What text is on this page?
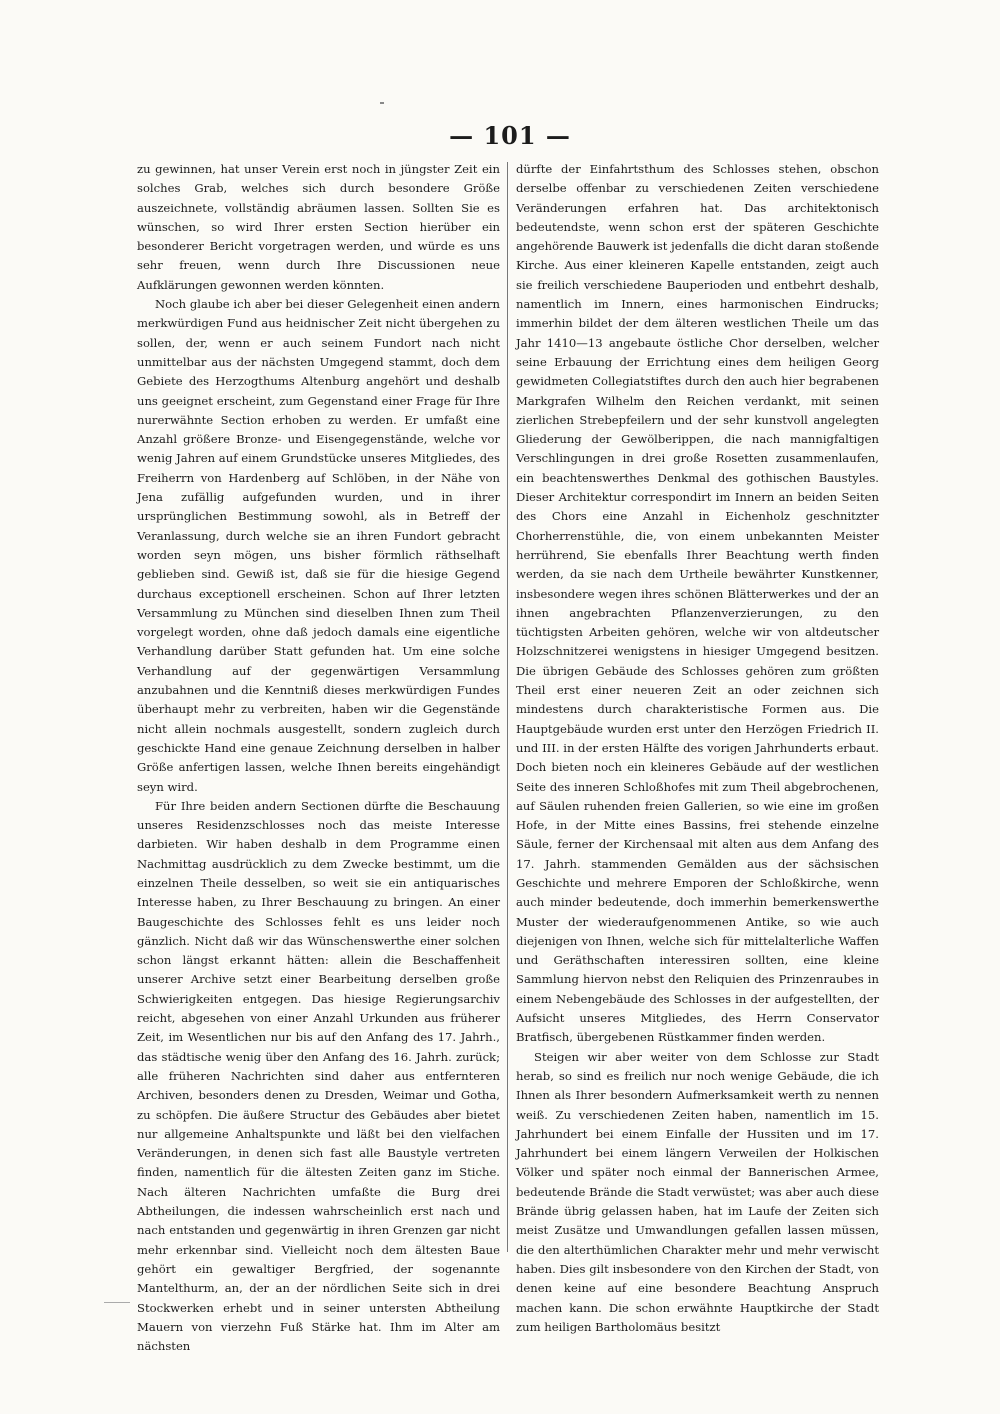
— 101 —

zu gewinnen, hat unser Verein erst noch in jüngster Zeit ein solches Grab, welches sich durch besondere Größe auszeichnete, vollständig abräumen lassen. Sollten Sie es wünschen, so wird Ihrer ersten Section hierüber ein besonderer Bericht vorgetragen werden, und würde es uns sehr freuen, wenn durch Ihre Discussionen neue Aufklärungen gewonnen werden könnten.

Noch glaube ich aber bei dieser Gelegenheit einen andern merkwürdigen Fund aus heidnischer Zeit nicht übergehen zu sollen, der, wenn er auch seinem Fundort nach nicht unmittelbar aus der nächsten Umgegend stammt, doch dem Gebiete des Herzogthums Altenburg angehört und deshalb uns geeignet erscheint, zum Gegenstand einer Frage für Ihre nurerwähnte Section erhoben zu werden. Er umfaßt eine Anzahl größere Bronze- und Eisengegenstände, welche vor wenig Jahren auf einem Grundstücke unseres Mitgliedes, des Freiherrn von Hardenberg auf Schlöben, in der Nähe von Jena zufällig aufgefunden wurden, und in ihrer ursprünglichen Bestimmung sowohl, als in Betreff der Veranlassung, durch welche sie an ihren Fundort gebracht worden seyn mögen, uns bisher förmlich räthselhaft geblieben sind. Gewiß ist, daß sie für die hiesige Gegend durchaus exceptionell erscheinen. Schon auf Ihrer letzten Versammlung zu München sind dieselben Ihnen zum Theil vorgelegt worden, ohne daß jedoch damals eine eigentliche Verhandlung darüber Statt gefunden hat. Um eine solche Verhandlung auf der gegenwärtigen Versammlung anzubahnen und die Kenntniß dieses merkwürdigen Fundes überhaupt mehr zu verbreiten, haben wir die Gegenstände nicht allein nochmals ausgestellt, sondern zugleich durch geschickte Hand eine genaue Zeichnung derselben in halber Größe anfertigen lassen, welche Ihnen bereits eingehändigt seyn wird.

Für Ihre beiden andern Sectionen dürfte die Beschauung unseres Residenzschlosses noch das meiste Interesse darbieten. Wir haben deshalb in dem Programme einen Nachmittag ausdrücklich zu dem Zwecke bestimmt, um die einzelnen Theile desselben, so weit sie ein antiquarisches Interesse haben, zu Ihrer Beschauung zu bringen. An einer Baugeschichte des Schlosses fehlt es uns leider noch gänzlich. Nicht daß wir das Wünschenswerthe einer solchen schon längst erkannt hätten: allein die Beschaffenheit unserer Archive setzt einer Bearbeitung derselben große Schwierigkeiten entgegen. Das hiesige Regierungsarchiv reicht, abgesehen von einer Anzahl Urkunden aus früherer Zeit, im Wesentlichen nur bis auf den Anfang des 17. Jahrh., das städtische wenig über den Anfang des 16. Jahrh. zurück; alle früheren Nachrichten sind daher aus entfernteren Archiven, besonders denen zu Dresden, Weimar und Gotha, zu schöpfen. Die äußere Structur des Gebäudes aber bietet nur allgemeine Anhaltspunkte und läßt bei den vielfachen Veränderungen, in denen sich fast alle Baustyle vertreten finden, namentlich für die ältesten Zeiten ganz im Stiche. Nach älteren Nachrichten umfaßte die Burg drei Abtheilungen, die indessen wahrscheinlich erst nach und nach entstanden und gegenwärtig in ihren Grenzen gar nicht mehr erkennbar sind. Vielleicht noch dem ältesten Baue gehört ein gewaltiger Bergfried, der sogenannte Mantelthurm, an, der an der nördlichen Seite sich in drei Stockwerken erhebt und in seiner untersten Abtheilung Mauern von vierzehn Fuß Stärke hat. Ihm im Alter am nächsten

dürfte der Einfahrtsthum des Schlosses stehen, obschon derselbe offenbar zu verschiedenen Zeiten verschiedene Veränderungen erfahren hat. Das architektonisch bedeutendste, wenn schon erst der späteren Geschichte angehörende Bauwerk ist jedenfalls die dicht daran stoßende Kirche. Aus einer kleineren Kapelle entstanden, zeigt auch sie freilich verschiedene Bauperioden und entbehrt deshalb, namentlich im Innern, eines harmonischen Eindrucks; immerhin bildet der dem älteren westlichen Theile um das Jahr 1410—13 angebaute östliche Chor derselben, welcher seine Erbauung der Errichtung eines dem heiligen Georg gewidmeten Collegiatstiftes durch den auch hier begrabenen Markgrafen Wilhelm den Reichen verdankt, mit seinen zierlichen Strebepfeilern und der sehr kunstvoll angelegten Gliederung der Gewölberippen, die nach mannigfaltigen Verschlingungen in drei große Rosetten zusammenlaufen, ein beachtenswerthes Denkmal des gothischen Baustyles. Dieser Architektur correspondirt im Innern an beiden Seiten des Chors eine Anzahl in Eichenholz geschnitzter Chorherrenstühle, die, von einem unbekannten Meister herrührend, Sie ebenfalls Ihrer Beachtung werth finden werden, da sie nach dem Urtheile bewährter Kunstkenner, insbesondere wegen ihres schönen Blätterwerkes und der an ihnen angebrachten Pflanzenverzierungen, zu den tüchtigsten Arbeiten gehören, welche wir von altdeutscher Holzschnitzerei wenigstens in hiesiger Umgegend besitzen. Die übrigen Gebäude des Schlosses gehören zum größten Theil erst einer neueren Zeit an oder zeichnen sich mindestens durch charakteristische Formen aus. Die Hauptgebäude wurden erst unter den Herzögen Friedrich II. und III. in der ersten Hälfte des vorigen Jahrhunderts erbaut. Doch bieten noch ein kleineres Gebäude auf der westlichen Seite des inneren Schloßhofes mit zum Theil abgebrochenen, auf Säulen ruhenden freien Gallerien, so wie eine im großen Hofe, in der Mitte eines Bassins, frei stehende einzelne Säule, ferner der Kirchensaal mit alten aus dem Anfang des 17. Jahrh. stammenden Gemälden aus der sächsischen Geschichte und mehrere Emporen der Schloßkirche, wenn auch minder bedeutende, doch immerhin bemerkenswerthe Muster der wiederaufgenommenen Antike, so wie auch diejenigen von Ihnen, welche sich für mittelalterliche Waffen und Geräthschaften interessiren sollten, eine kleine Sammlung hiervon nebst den Reliquien des Prinzenraubes in einem Nebengebäude des Schlosses in der aufgestellten, der Aufsicht unseres Mitgliedes, des Herrn Conservator Bratfisch, übergebenen Rüstkammer finden werden.

Steigen wir aber weiter von dem Schlosse zur Stadt herab, so sind es freilich nur noch wenige Gebäude, die ich Ihnen als Ihrer besondern Aufmerksamkeit werth zu nennen weiß. Zu verschiedenen Zeiten haben, namentlich im 15. Jahrhundert bei einem Einfalle der Hussiten und im 17. Jahrhundert bei einem längern Verweilen der Holkischen Völker und später noch einmal der Bannerischen Armee, bedeutende Brände die Stadt verwüstet; was aber auch diese Brände übrig gelassen haben, hat im Laufe der Zeiten sich meist Zusätze und Umwandlungen gefallen lassen müssen, die den alterthümlichen Charakter mehr und mehr verwischt haben. Dies gilt insbesondere von den Kirchen der Stadt, von denen keine auf eine besondere Beachtung Anspruch machen kann. Die schon erwähnte Hauptkirche der Stadt zum heiligen Bartholomäus besitzt
